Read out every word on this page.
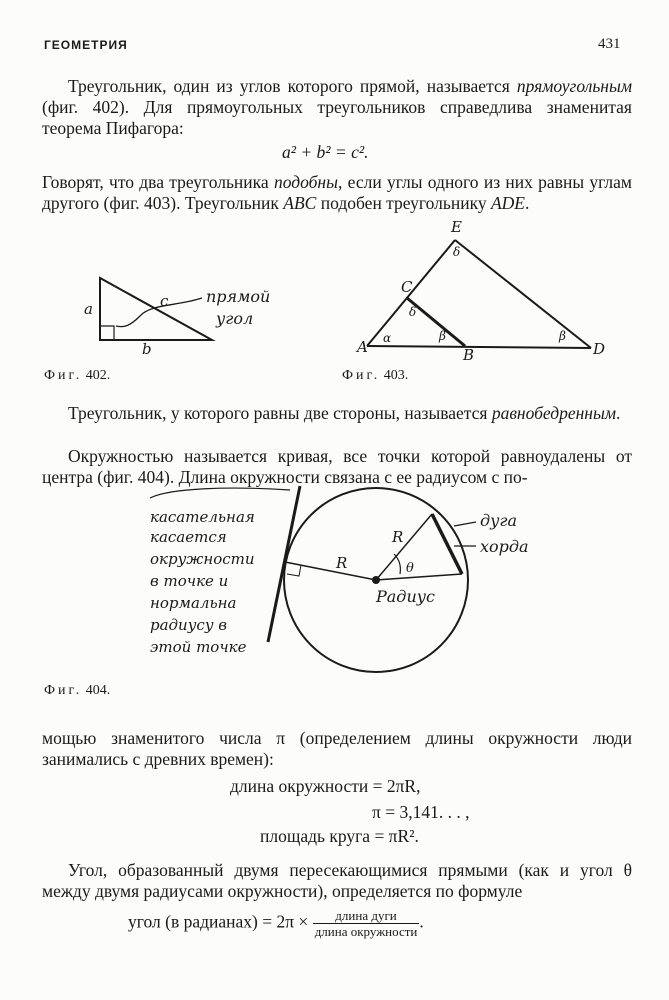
ГЕОМЕТРИЯ	431
Треугольник, один из углов которого прямой, называется прямоугольным (фиг. 402). Для прямоугольных треугольников справедлива знаменитая теорема Пифагора:
a² + b² = c².
Говорят, что два треугольника подобны, если углы одного из них равны углам другого (фиг. 403). Треугольник ABC подобен треугольнику ADE.
a
b
c прямой
угол
Фиг. 402.
A	B
C
D
E
α	β	β
δ
δ
Фиг. 403.
Треугольник, у которого равны две стороны, называется равнобедренным.
Окружностью называется кривая, все точки которой равноудалены от центра (фиг. 404). Длина окружности связана с ее радиусом с по-
R
R
θ
Радиус
дуга
хорда
касательная
касается
окружности
в точке и
нормальна
радиусу в
этой точке
Фиг. 404.
мощью знаменитого числа π (определением длины окружности люди занимались с древних времен):
длина окружности = 2πR,
π = 3,141. . . ,
площадь круга = πR².
Угол, образованный двумя пересекающимися прямыми (как и угол θ между двумя радиусами окружности), определяется по формуле
угол (в радианах) = $2\pi \times \frac{\text{длина дуги}}{\text{длина окружности}}$ .
